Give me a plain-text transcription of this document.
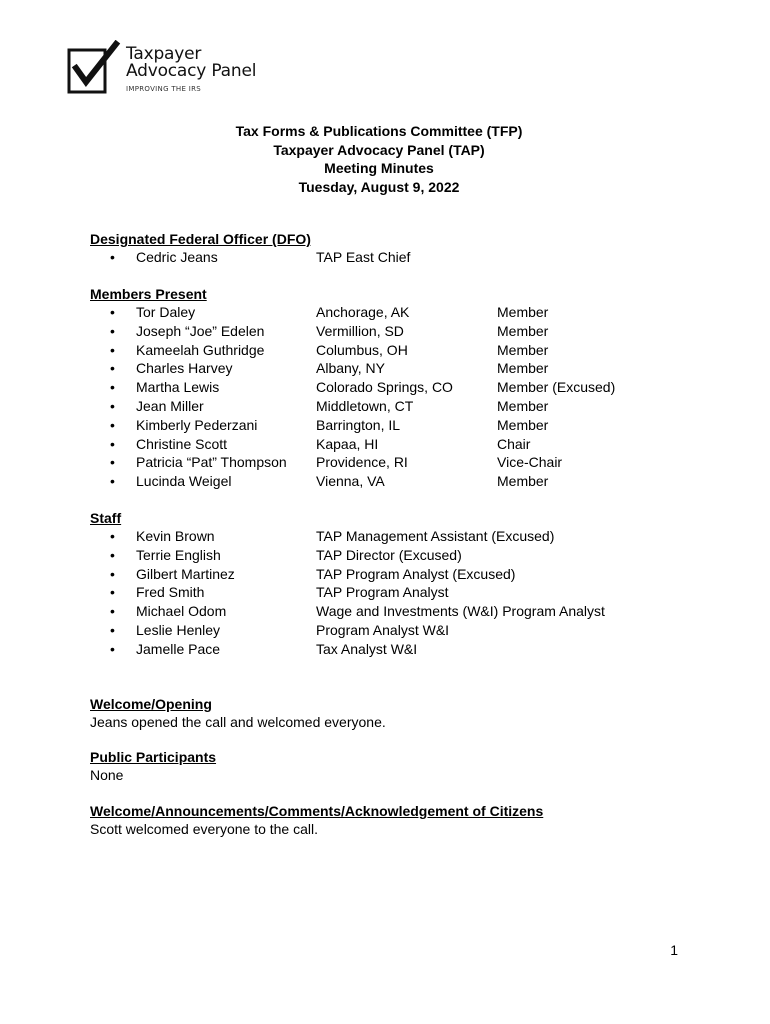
Taxpayer
Advocacy Panel
IMPROVING THE IRS
Tax Forms & Publications Committee (TFP)
Taxpayer Advocacy Panel (TAP)
Meeting Minutes
Tuesday, August 9, 2022
Designated Federal Officer (DFO)
• Cedric Jeans	TAP East Chief
Members Present
• Tor Daley	Anchorage, AK	Member
• Joseph “Joe” Edelen	Vermillion, SD	Member
• Kameelah Guthridge	Columbus, OH	Member
• Charles Harvey	Albany, NY	Member
• Martha Lewis	Colorado Springs, CO	Member (Excused)
• Jean Miller	Middletown, CT	Member
• Kimberly Pederzani	Barrington, IL	Member
• Christine Scott	Kapaa, HI	Chair
• Patricia “Pat” Thompson Providence, RI	Vice-Chair
• Lucinda Weigel	Vienna, VA	Member
Staff
• Kevin Brown	TAP Management Assistant (Excused)
• Terrie English	TAP Director (Excused)
• Gilbert Martinez	TAP Program Analyst (Excused)
• Fred Smith	TAP Program Analyst
• Michael Odom	Wage and Investments (W&I) Program Analyst
• Leslie Henley	Program Analyst W&I
• Jamelle Pace	Tax Analyst W&I
Welcome/Opening
Jeans opened the call and welcomed everyone.
Public Participants
None
Welcome/Announcements/Comments/Acknowledgement of Citizens
Scott welcomed everyone to the call.
1
